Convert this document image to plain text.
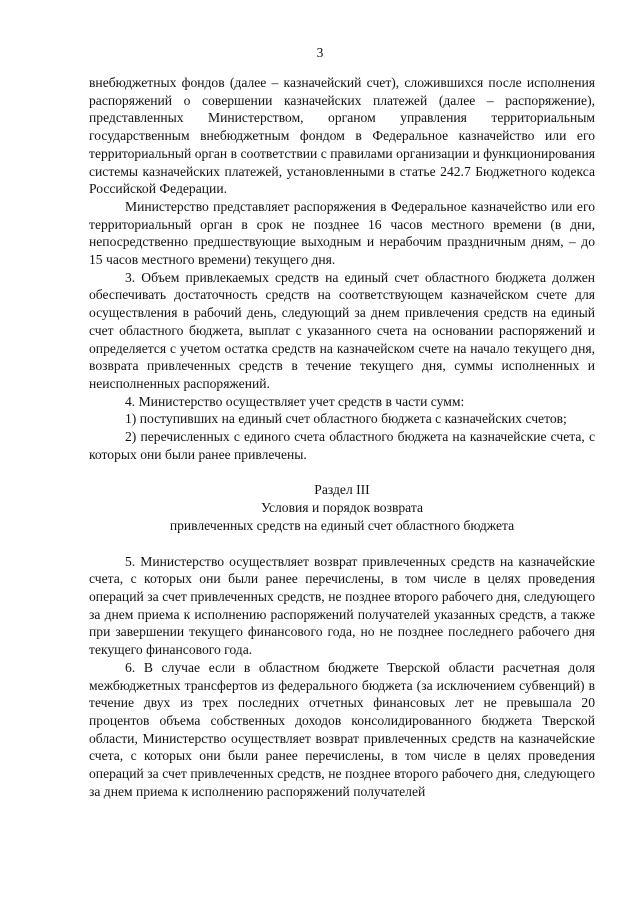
3

внебюджетных фондов (далее – казначейский счет), сложившихся после исполнения распоряжений о совершении казначейских платежей (далее – распоряжение), представленных Министерством, органом управления территориальным государственным внебюджетным фондом в Федеральное казначейство или его территориальный орган в соответствии с правилами организации и функционирования системы казначейских платежей, установленными в статье 242.7 Бюджетного кодекса Российской Федерации.

Министерство представляет распоряжения в Федеральное казначейство или его территориальный орган в срок не позднее 16 часов местного времени (в дни, непосредственно предшествующие выходным и нерабочим праздничным дням, – до 15 часов местного времени) текущего дня.

3. Объем привлекаемых средств на единый счет областного бюджета должен обеспечивать достаточность средств на соответствующем казначейском счете для осуществления в рабочий день, следующий за днем привлечения средств на единый счет областного бюджета, выплат с указанного счета на основании распоряжений и определяется с учетом остатка средств на казначейском счете на начало текущего дня, возврата привлеченных средств в течение текущего дня, суммы исполненных и неисполненных распоряжений.

4. Министерство осуществляет учет средств в части сумм:

1) поступивших на единый счет областного бюджета с казначейских счетов;

2) перечисленных с единого счета областного бюджета на казначейские счета, с которых они были ранее привлечены.

Раздел III
Условия и порядок возврата
привлеченных средств на единый счет областного бюджета

5. Министерство осуществляет возврат привлеченных средств на казначейские счета, с которых они были ранее перечислены, в том числе в целях проведения операций за счет привлеченных средств, не позднее второго рабочего дня, следующего за днем приема к исполнению распоряжений получателей указанных средств, а также при завершении текущего финансового года, но не позднее последнего рабочего дня текущего финансового года.

6. В случае если в областном бюджете Тверской области расчетная доля межбюджетных трансфертов из федерального бюджета (за исключением субвенций) в течение двух из трех последних отчетных финансовых лет не превышала 20 процентов объема собственных доходов консолидированного бюджета Тверской области, Министерство осуществляет возврат привлеченных средств на казначейские счета, с которых они были ранее перечислены, в том числе в целях проведения операций за счет привлеченных средств, не позднее второго рабочего дня, следующего за днем приема к исполнению распоряжений получателей
